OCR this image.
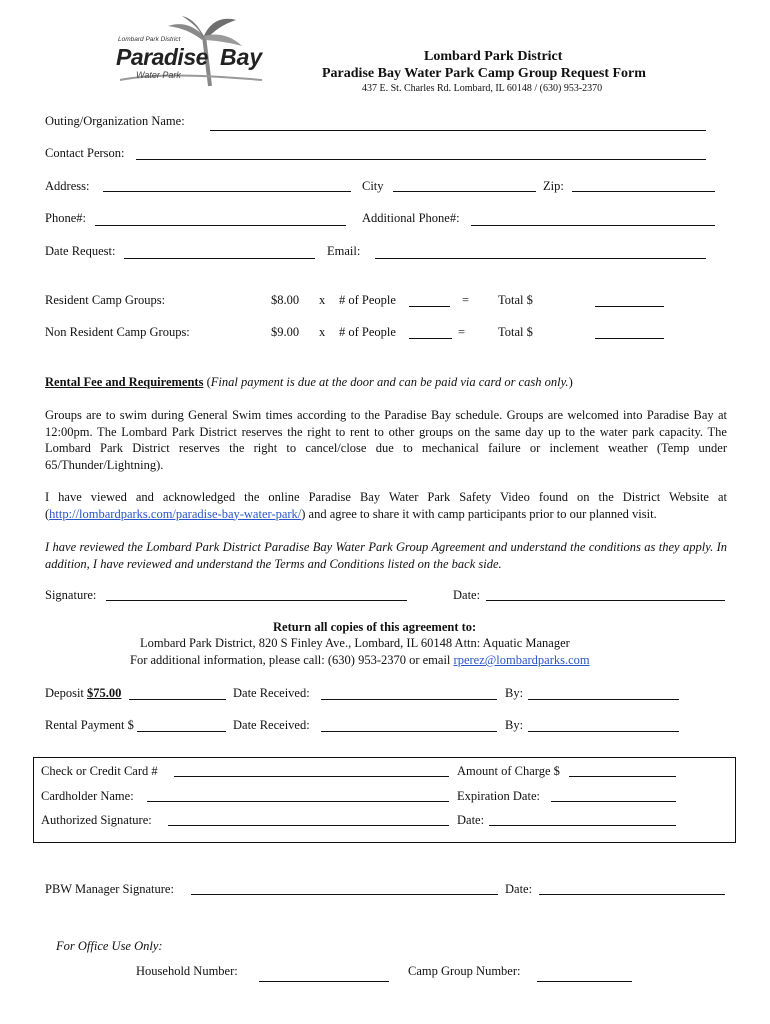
Lombard Park District
Paradise Bay
Water Park
Lombard Park District
Paradise Bay Water Park Camp Group Request Form
437 E. St. Charles Rd. Lombard, IL 60148 / (630) 953-2370
Outing/Organization Name:
Contact Person:
Address:	City	Zip:
Phone#:	Additional Phone#:
Date Request:	Email:
Resident Camp Groups:	$8.00 x # of People	= Total $
Non Resident Camp Groups:	$9.00 x # of People	=	Total $
Rental Fee and Requirements (Final payment is due at the door and can be paid via card or cash only.)
Groups are to swim during General Swim times according to the Paradise Bay schedule. Groups are welcomed into Paradise Bay at 12:00pm. The Lombard Park District reserves the right to rent to other groups on the same day up to the water park capacity. The Lombard Park District reserves the right to cancel/close due to mechanical failure or inclement weather (Temp under 65/Thunder/Lightning).
I have viewed and acknowledged the online Paradise Bay Water Park Safety Video found on the District Website at (http://lombardparks.com/paradise-bay-water-park/) and agree to share it with camp participants prior to our planned visit.
I have reviewed the Lombard Park District Paradise Bay Water Park Group Agreement and understand the conditions as they apply. In addition, I have reviewed and understand the Terms and Conditions listed on the back side.
Signature:	Date:
Return all copies of this agreement to:
Lombard Park District, 820 S Finley Ave., Lombard, IL 60148 Attn: Aquatic Manager
For additional information, please call: (630) 953-2370 or email rperez@lombardparks.com
Deposit $75.00	Date Received:	By:
Rental Payment $	Date Received:	By:
Check or Credit Card #	Amount of Charge $
Cardholder Name:	Expiration Date:
Authorized Signature:	Date:
PBW Manager Signature:	Date:
For Office Use Only:
Household Number:	Camp Group Number:
